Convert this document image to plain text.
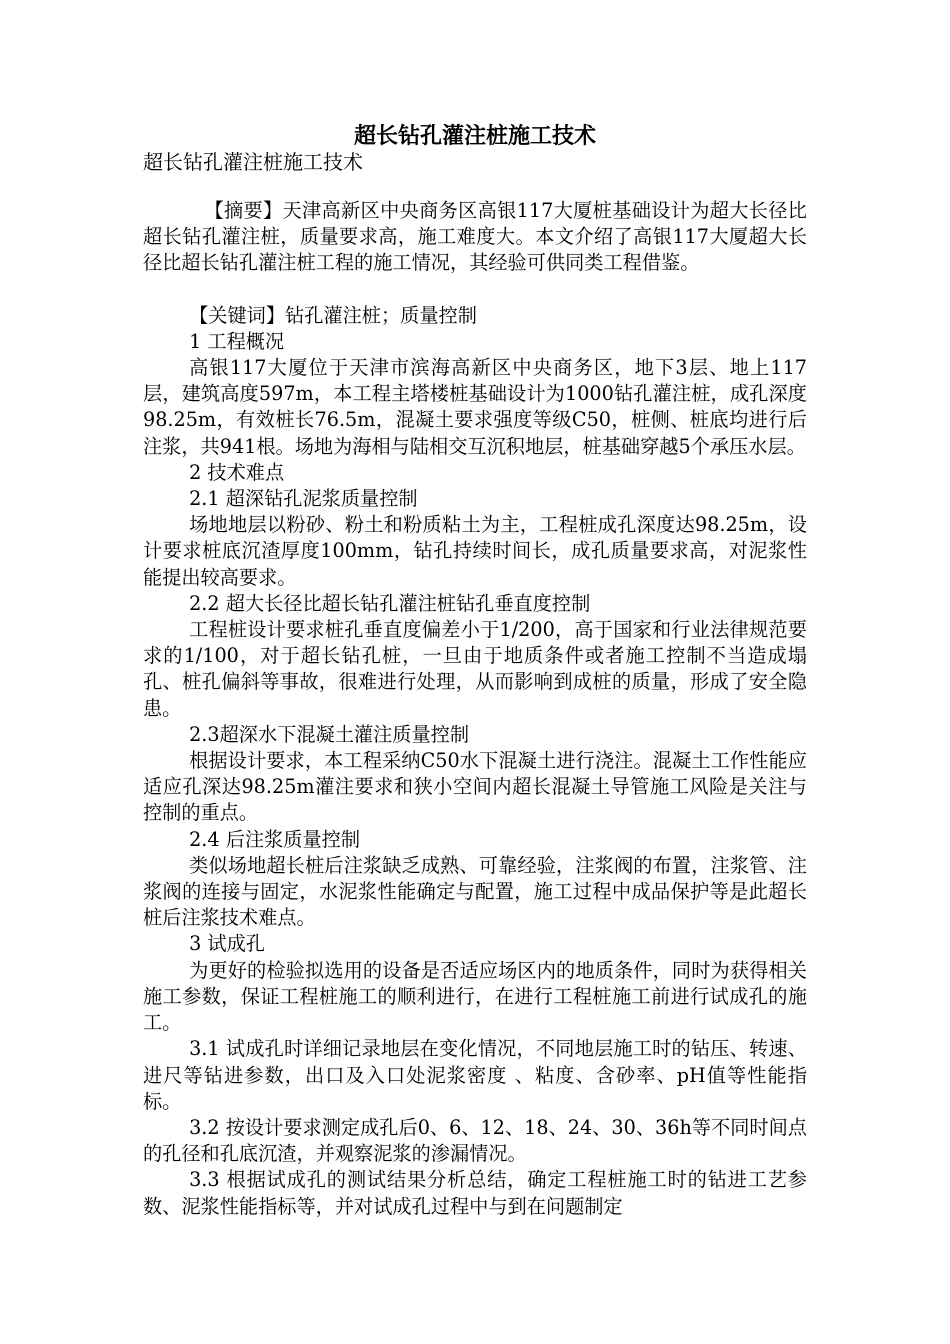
超长钻孔灌注桩施工技术
超长钻孔灌注桩施工技术

【摘要】天津高新区中央商务区高银117大厦桩基础设计为超大长径比超长钻孔灌注桩，质量要求高，施工难度大。本文介绍了高银117大厦超大长径比超长钻孔灌注桩工程的施工情况，其经验可供同类工程借鉴。

【关键词】钻孔灌注桩；质量控制

1 工程概况

高银117大厦位于天津市滨海高新区中央商务区，地下3层、地上117层，建筑高度597m，本工程主塔楼桩基础设计为1000钻孔灌注桩，成孔深度98.25m，有效桩长76.5m，混凝土要求强度等级C50，桩侧、桩底均进行后注浆，共941根。场地为海相与陆相交互沉积地层，桩基础穿越5个承压水层。

2 技术难点

2.1 超深钻孔泥浆质量控制

场地地层以粉砂、粉土和粉质粘土为主，工程桩成孔深度达98.25m，设计要求桩底沉渣厚度100mm，钻孔持续时间长，成孔质量要求高，对泥浆性能提出较高要求。

2.2 超大长径比超长钻孔灌注桩钻孔垂直度控制

工程桩设计要求桩孔垂直度偏差小于1/200，高于国家和行业法律规范要求的1/100，对于超长钻孔桩，一旦由于地质条件或者施工控制不当造成塌孔、桩孔偏斜等事故，很难进行处理，从而影响到成桩的质量，形成了安全隐患。

2.3超深水下混凝土灌注质量控制

根据设计要求，本工程采纳C50水下混凝土进行浇注。混凝土工作性能应适应孔深达98.25m灌注要求和狭小空间内超长混凝土导管施工风险是关注与控制的重点。

2.4 后注浆质量控制

类似场地超长桩后注浆缺乏成熟、可靠经验，注浆阀的布置，注浆管、注浆阀的连接与固定，水泥浆性能确定与配置，施工过程中成品保护等是此超长桩后注浆技术难点。

3 试成孔

为更好的检验拟选用的设备是否适应场区内的地质条件，同时为获得相关施工参数，保证工程桩施工的顺利进行，在进行工程桩施工前进行试成孔的施工。

3.1 试成孔时详细记录地层在变化情况，不同地层施工时的钻压、转速、进尺等钻进参数，出口及入口处泥浆密度 、粘度、含砂率、pH值等性能指标。

3.2 按设计要求测定成孔后0、6、12、18、24、30、36h等不同时间点的孔径和孔底沉渣，并观察泥浆的渗漏情况。

3.3 根据试成孔的测试结果分析总结，确定工程桩施工时的钻进工艺参数、泥浆性能指标等，并对试成孔过程中与到在问题制定
